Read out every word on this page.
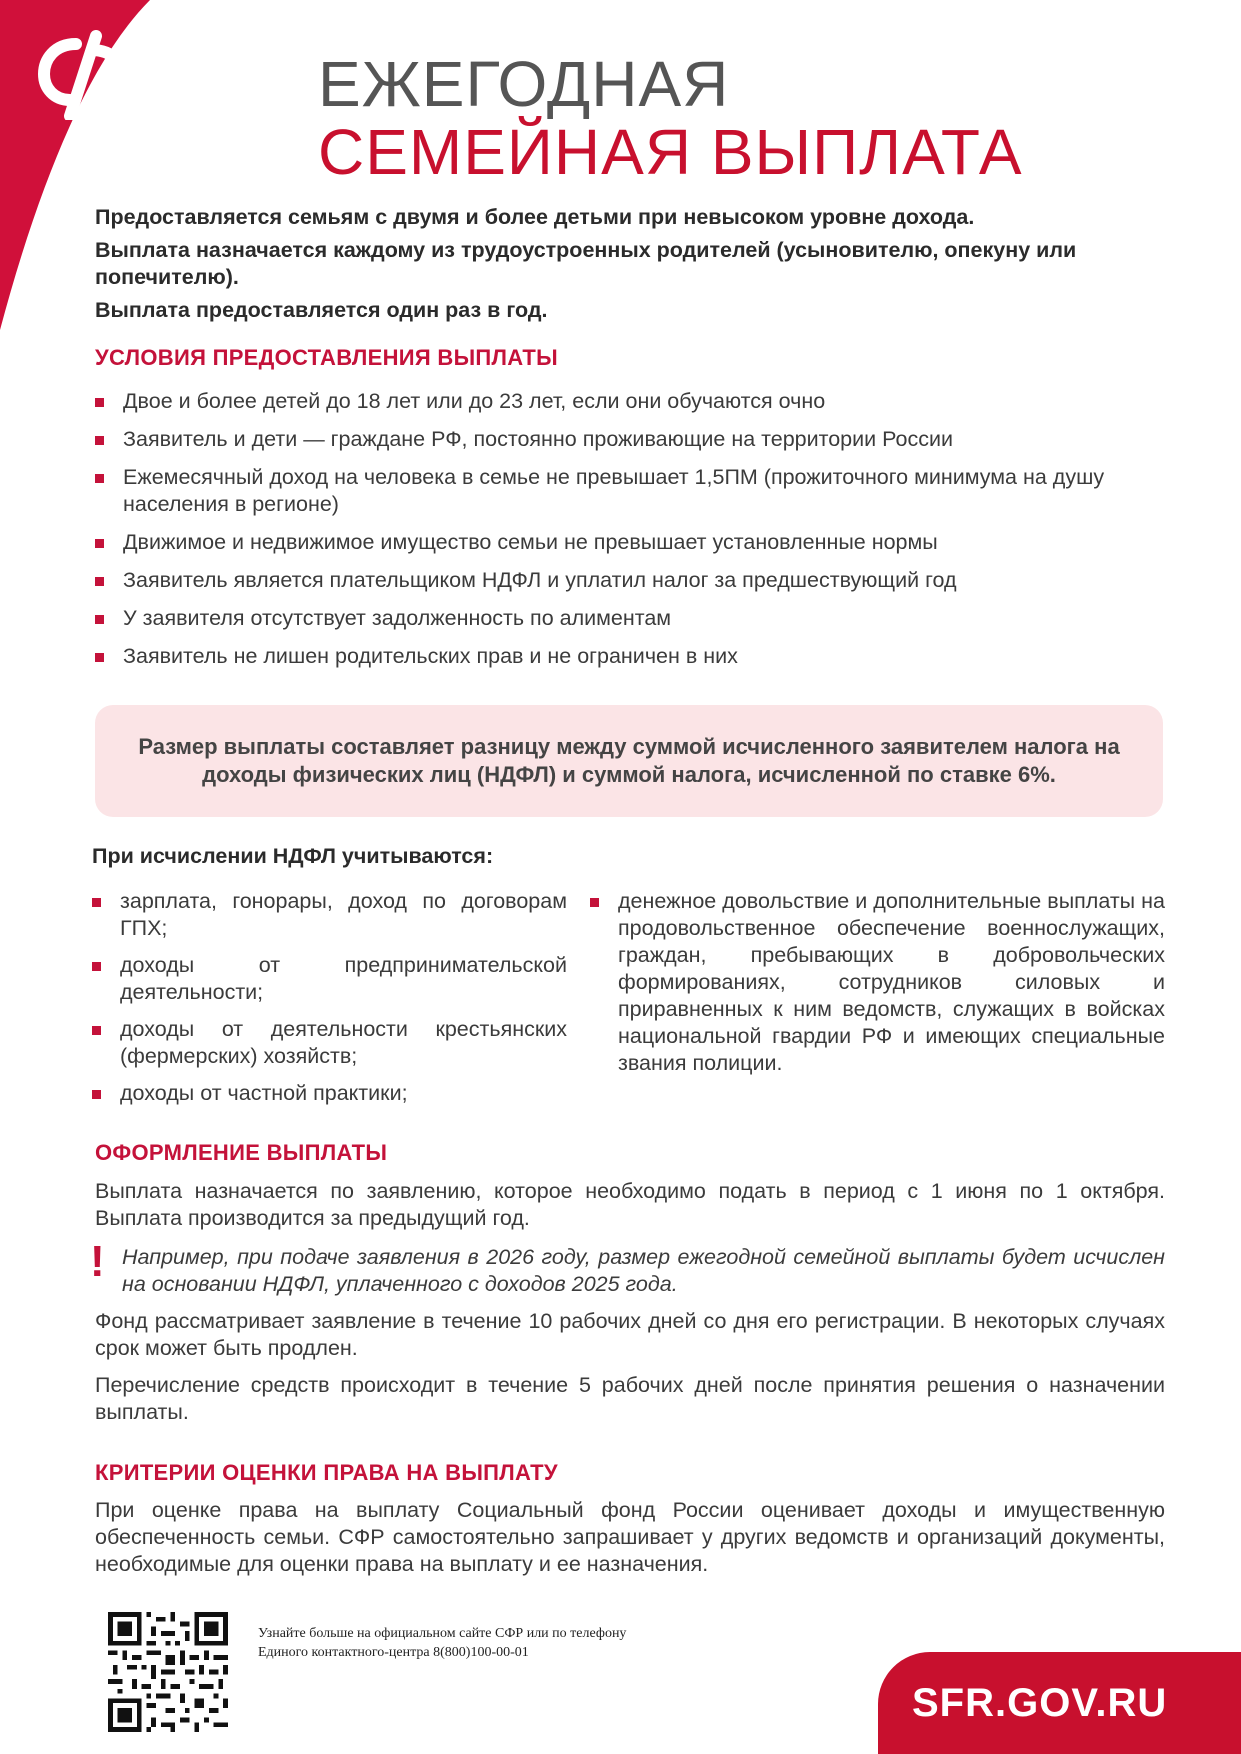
ЕЖЕГОДНАЯ
СЕМЕЙНАЯ ВЫПЛАТА

Предоставляется семьям с двумя и более детьми при невысоком уровне дохода.

Выплата назначается каждому из трудоустроенных родителей (усыновителю, опекуну или попечителю).

Выплата предоставляется один раз в год.

УСЛОВИЯ ПРЕДОСТАВЛЕНИЯ ВЫПЛАТЫ
Двое и более детей до 18 лет или до 23 лет, если они обучаются очно
Заявитель и дети — граждане РФ, постоянно проживающие на территории России
Ежемесячный доход на человека в семье не превышает 1,5ПМ (прожиточного минимума на душу населения в регионе)
Движимое и недвижимое имущество семьи не превышает установленные нормы
Заявитель является плательщиком НДФЛ и уплатил налог за предшествующий год
У заявителя отсутствует задолженность по алиментам
Заявитель не лишен родительских прав и не ограничен в них
Размер выплаты составляет разницу между суммой исчисленного заявителем налога на доходы физических лиц (НДФЛ) и суммой налога, исчисленной по ставке 6%.
При исчислении НДФЛ учитываются:
зарплата, гонорары, доход по договорам ГПХ;
доходы от предпринимательской деятельности;
доходы от деятельности крестьянских (фермерских) хозяйств;
доходы от частной практики;
денежное довольствие и дополнительные выплаты на продовольственное обеспечение военнослужащих, граждан, пребывающих в добровольческих формированиях, сотрудников силовых и приравненных к ним ведомств, служащих в войсках национальной гвардии РФ и имеющих специальные звания полиции.
ОФОРМЛЕНИЕ ВЫПЛАТЫ

Выплата назначается по заявлению, которое необходимо подать в период с 1 июня по 1 октября. Выплата производится за предыдущий год.

! Например, при подаче заявления в 2026 году, размер ежегодной семейной выплаты будет исчислен на основании НДФЛ, уплаченного с доходов 2025 года.

Фонд рассматривает заявление в течение 10 рабочих дней со дня его регистрации. В некоторых случаях срок может быть продлен.

Перечисление средств происходит в течение 5 рабочих дней после принятия решения о назначении выплаты.

КРИТЕРИИ ОЦЕНКИ ПРАВА НА ВЫПЛАТУ

При оценке права на выплату Социальный фонд России оценивает доходы и имущественную обеспеченность семьи. СФР самостоятельно запрашивает у других ведомств и организаций документы, необходимые для оценки права на выплату и ее назначения.

Узнайте больше на официальном сайте СФР или по телефону Единого контактного-центра 8(800)100-00-01
SFR.GOV.RU
